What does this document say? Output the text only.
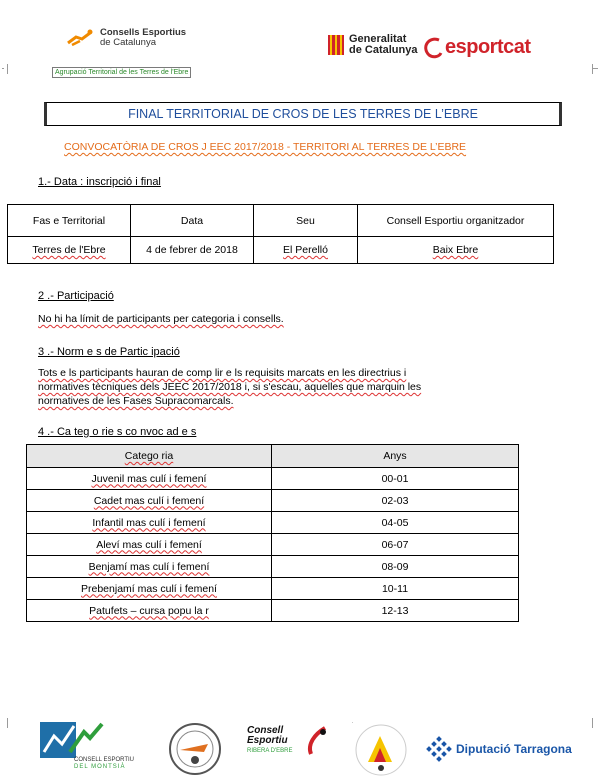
Consells Esportius
de Catalunya	Generalitat
de Catalunya esportcat
Agrupació Territorial de les Terres de l'Ebre
FINAL TERRITORIAL DE CROS DE LES TERRES DE L’EBRE
CONVOCATÒRIA DE CROS J EEC 2017/2018 - TERRITORI AL TERRES DE L’EBRE
1.- Data : inscripció i final
Fas e Territorial	Data	Seu	Consell Esportiu organitzador
Terres de l'Ebre	4 de febrer de 2018	El Perelló	Baix Ebre
2 .- Participació
No hi ha límit de participants per categoria i consells.
3 .- Norm e s de Partic ipació
Tots e ls participants hauran de comp lir e ls requisits marcats en les directrius i
normatives tècniques dels JEEC 2017/2018 i, si s'escau, aquelles que marquin les
normatives de les Fases Supracomarcals.
4 .- Ca teg o rie s co nvoc ad e s
Catego ria	Anys
Juvenil mas culí i femení	00-01
Cadet mas culí i femení	02-03
Infantil mas culí i femení	04-05
Aleví mas culí i femení	06-07
Benjamí mas culí i femení	08-09
Prebenjamí mas culí i femení	10-11
Patufets – cursa popu la r	12-13
CONSELL ESPORTIU
DEL MONTSIÀ
Consell
Esportiu
RIBERA D'EBRE	Diputació Tarragona
